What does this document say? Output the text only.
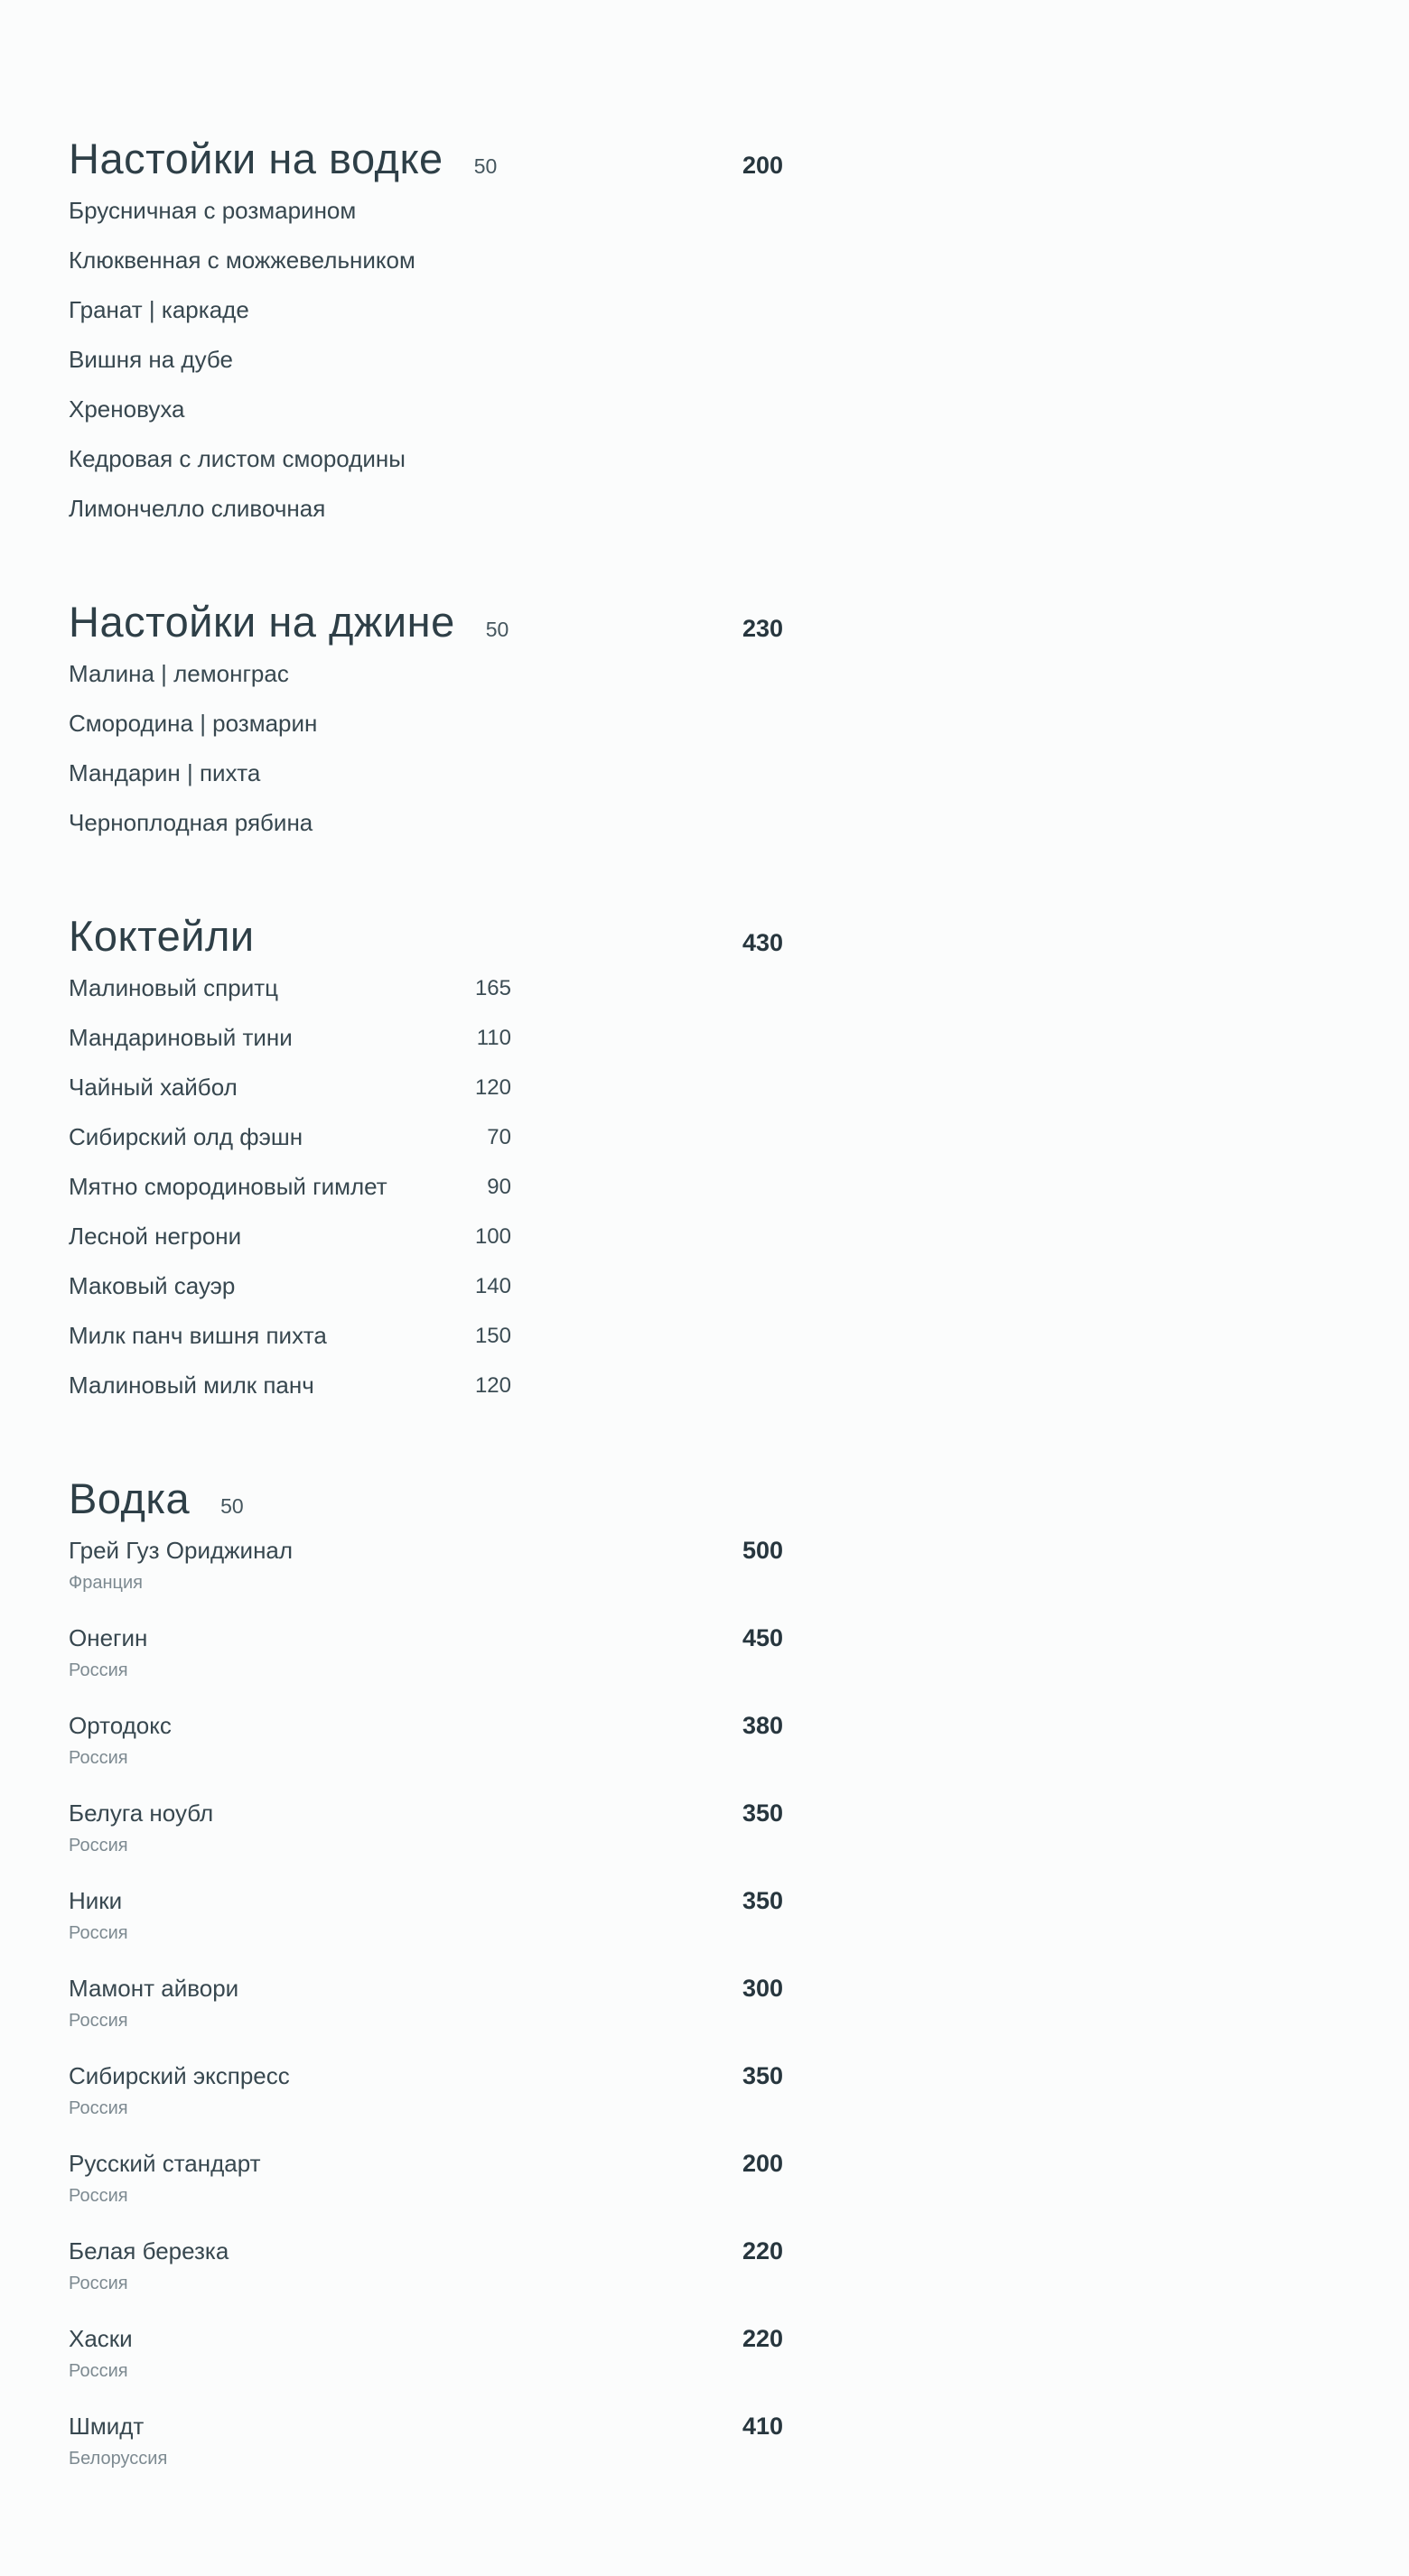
Настойки на водке 50	200
Брусничная с розмарином
Клюквенная с можжевельником
Гранат | каркаде
Вишня на дубе
Хреновуха
Кедровая с листом смородины
Лимончелло сливочная
Настойки на джине 50	230
Малина | лемонграс
Смородина | розмарин
Мандарин | пихта
Черноплодная рябина
Коктейли	430
Малиновый спритц	165
Мандариновый тини	110
Чайный хайбол	120
Сибирский олд фэшн	70
Мятно смородиновый гимлет	90
Лесной негрони	100
Маковый сауэр	140
Милк панч вишня пихта	150
Малиновый милк панч	120
Водка 50
Грей Гуз Ориджинал	500
Франция
Онегин	450
Россия
Ортодокс	380
Россия
Белуга ноубл	350
Россия
Ники	350
Россия
Мамонт айвори	300
Россия
Сибирский экспресс	350
Россия
Русский стандарт	200
Россия
Белая березка	220
Россия
Хаски	220
Россия
Шмидт	410
Белоруссия
